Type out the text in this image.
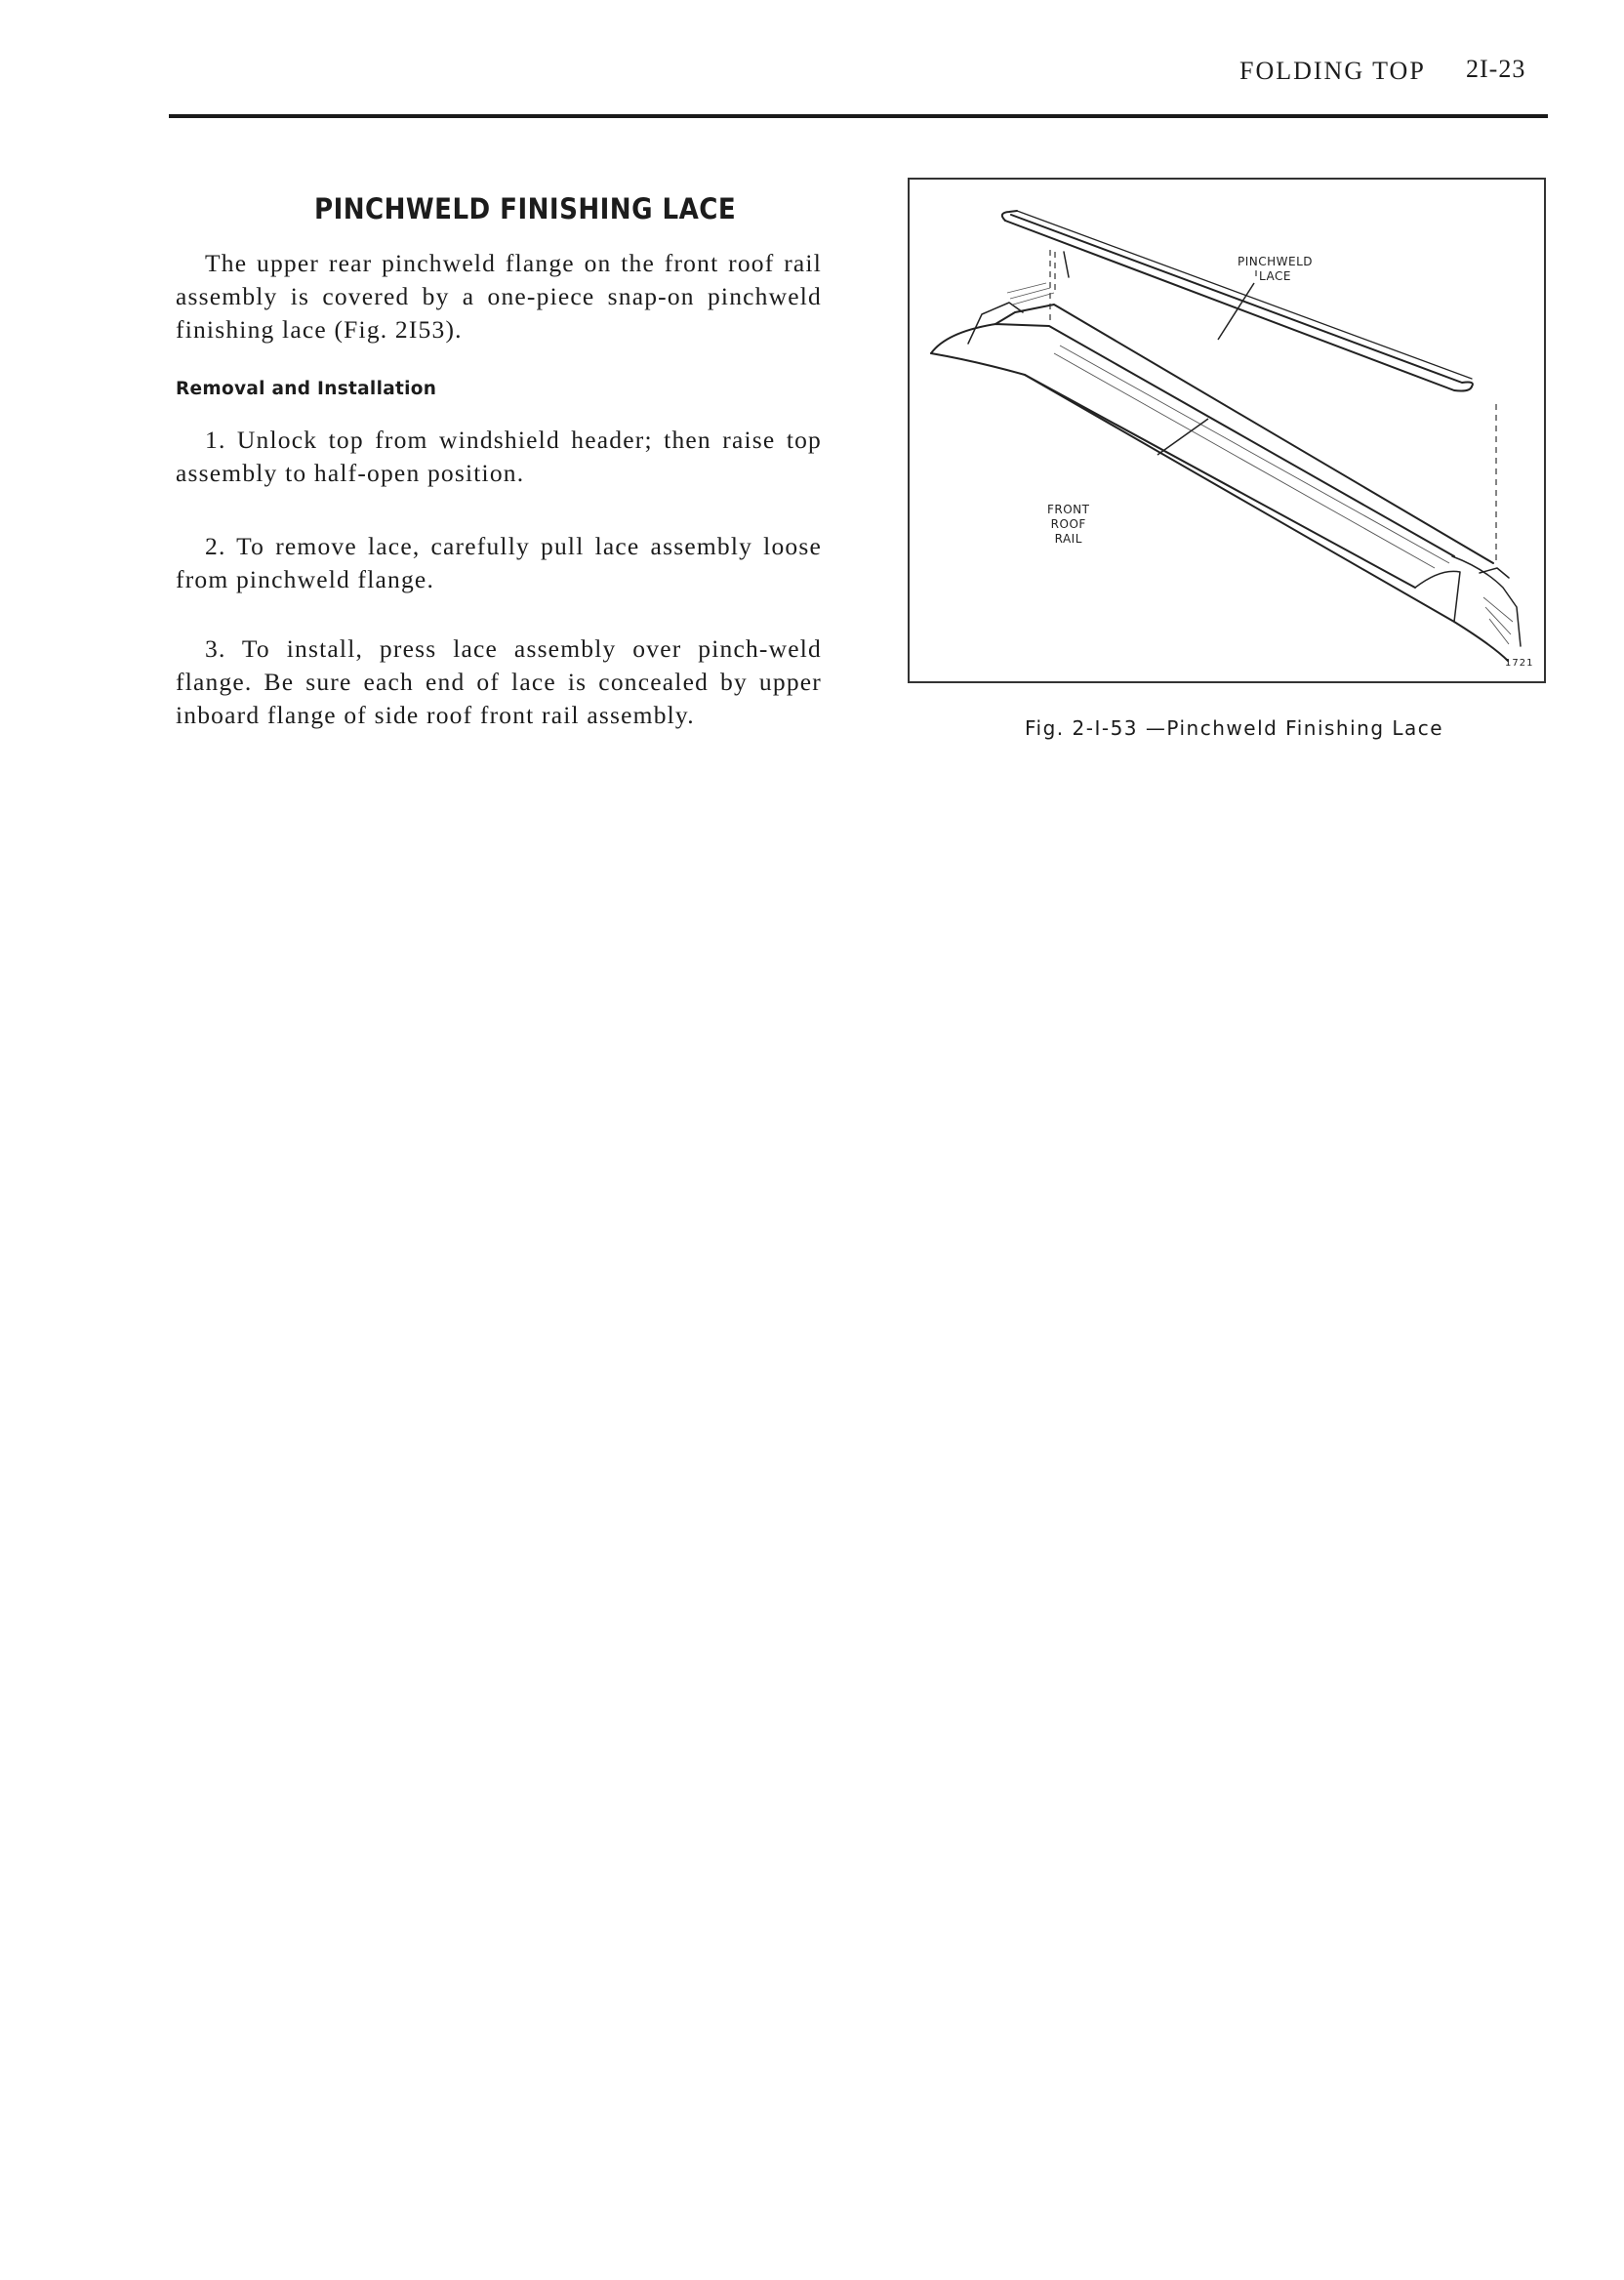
FOLDING TOP 2I-23
PINCHWELD FINISHING LACE
The upper rear pinchweld flange on the front roof rail assembly is covered by a one-piece snap-on pinchweld finishing lace (Fig. 2I53).
Removal and Installation
1. Unlock top from windshield header; then raise top assembly to half-open position.
2. To remove lace, carefully pull lace assembly loose from pinchweld flange.
3. To install, press lace assembly over pinch-weld flange. Be sure each end of lace is concealed by upper inboard flange of side roof front rail assembly.
PINCHWELD
LACE
FRONT
ROOF
RAIL
1721
Fig. 2-I-53 —Pinchweld Finishing Lace
